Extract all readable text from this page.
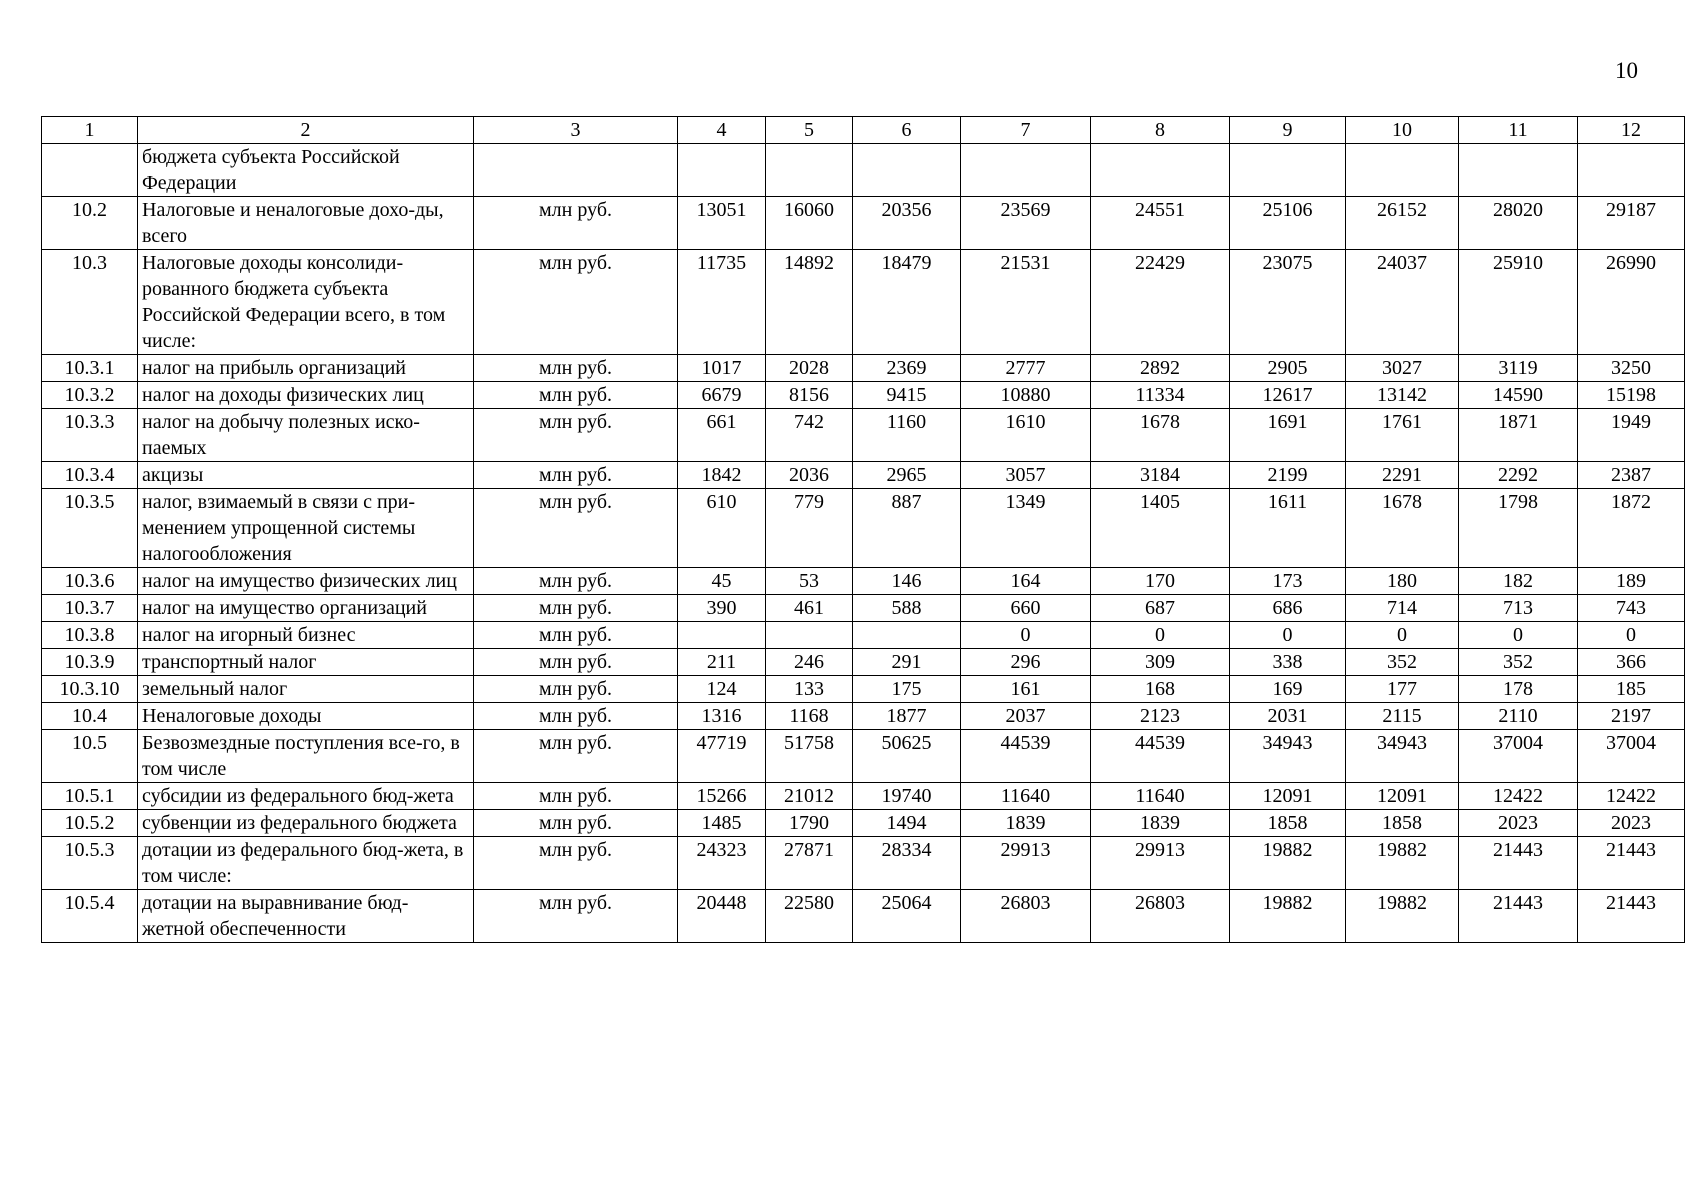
10
1	2	3	4	5	6	7	8	9	10	11	12
	бюджета субъекта Российской Федерации										
10.2	Налоговые и неналоговые дохо-ды, всего	млн руб.	13051	16060	20356	23569	24551	25106	26152	28020	29187
10.3	Налоговые доходы консолиди-рованного бюджета субъекта Российской Федерации всего, в том числе:	млн руб.	11735	14892	18479	21531	22429	23075	24037	25910	26990
10.3.1	налог на прибыль организаций	млн руб.	1017	2028	2369	2777	2892	2905	3027	3119	3250
10.3.2	налог на доходы физических лиц	млн руб.	6679	8156	9415	10880	11334	12617	13142	14590	15198
10.3.3	налог на добычу полезных иско-паемых	млн руб.	661	742	1160	1610	1678	1691	1761	1871	1949
10.3.4	акцизы	млн руб.	1842	2036	2965	3057	3184	2199	2291	2292	2387
10.3.5	налог, взимаемый в связи с при-менением упрощенной системы налогообложения	млн руб.	610	779	887	1349	1405	1611	1678	1798	1872
10.3.6	налог на имущество физических лиц	млн руб.	45	53	146	164	170	173	180	182	189
10.3.7	налог на имущество организаций	млн руб.	390	461	588	660	687	686	714	713	743
10.3.8	налог на игорный бизнес	млн руб.				0	0	0	0	0	0
10.3.9	транспортный налог	млн руб.	211	246	291	296	309	338	352	352	366
10.3.10	земельный налог	млн руб.	124	133	175	161	168	169	177	178	185
10.4	Неналоговые доходы	млн руб.	1316	1168	1877	2037	2123	2031	2115	2110	2197
10.5	Безвозмездные поступления все-го, в том числе	млн руб.	47719	51758	50625	44539	44539	34943	34943	37004	37004
10.5.1	субсидии из федерального бюд-жета	млн руб.	15266	21012	19740	11640	11640	12091	12091	12422	12422
10.5.2	субвенции из федерального бюджета	млн руб.	1485	1790	1494	1839	1839	1858	1858	2023	2023
10.5.3	дотации из федерального бюд-жета, в том числе:	млн руб.	24323	27871	28334	29913	29913	19882	19882	21443	21443
10.5.4	дотации на выравнивание бюд-жетной обеспеченности	млн руб.	20448	22580	25064	26803	26803	19882	19882	21443	21443
